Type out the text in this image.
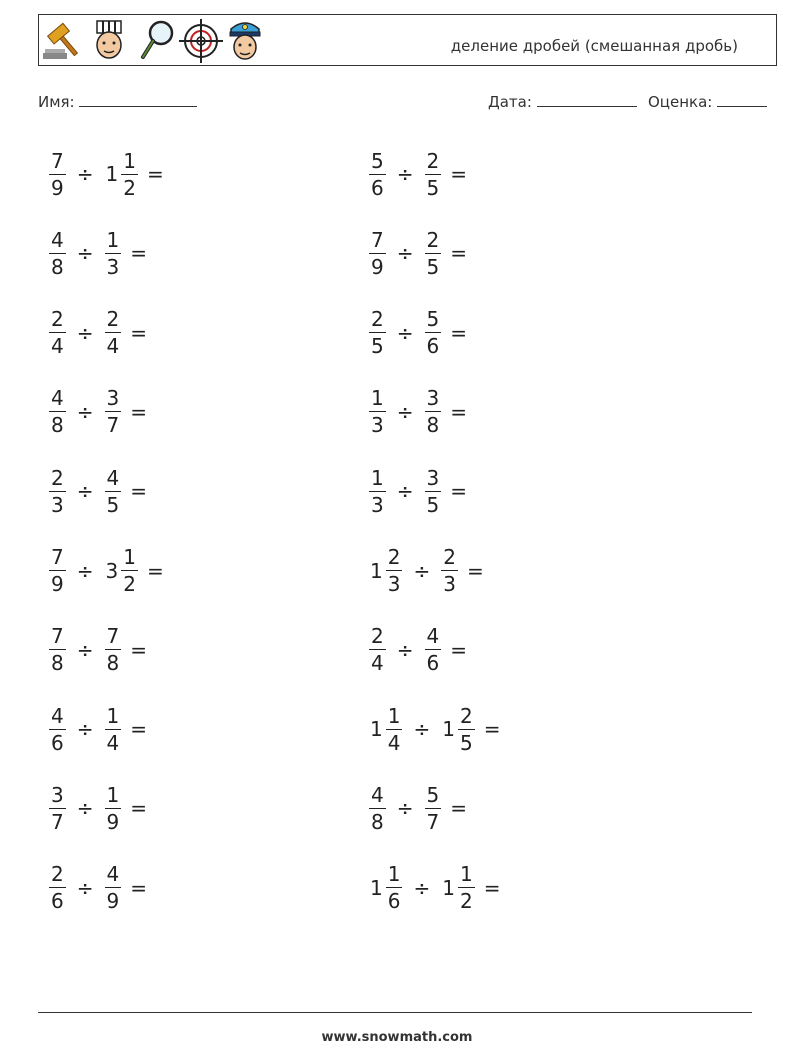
деление дробей (смешанная дробь)
Имя:	Дата:	Оценка:
$\frac{7}{9} \div 1 \frac{1}{2}$ =	$\frac{5}{6} \div \frac{2}{5}$ =
$\frac{4}{8} \div \frac{1}{3}$ =	$\frac{7}{9} \div \frac{2}{5}$ =
$\frac{2}{4} \div \frac{2}{4}$ =	$\frac{2}{5} \div \frac{5}{6}$ =
$\frac{4}{8} \div \frac{3}{7}$ =	$\frac{1}{3} \div \frac{3}{8}$ =
$\frac{2}{3} \div \frac{4}{5}$ =	$\frac{1}{3} \div \frac{3}{5}$ =
$\frac{7}{9} \div 3 \frac{1}{2}$ =	$1 \frac{2}{3} \div \frac{2}{3}$ =
$\frac{7}{8} \div \frac{7}{8}$ =	$\frac{2}{4} \div \frac{4}{6}$ =
$\frac{4}{6} \div \frac{1}{4}$ =	$1 \frac{1}{4} \div 1 \frac{2}{5}$ =
$\frac{3}{7} \div \frac{1}{9}$ =	$\frac{4}{8} \div \frac{5}{7}$ =
$\frac{2}{6} \div \frac{4}{9}$ =	$1 \frac{1}{6} \div 1 \frac{1}{2}$ =
www.snowmath.com
